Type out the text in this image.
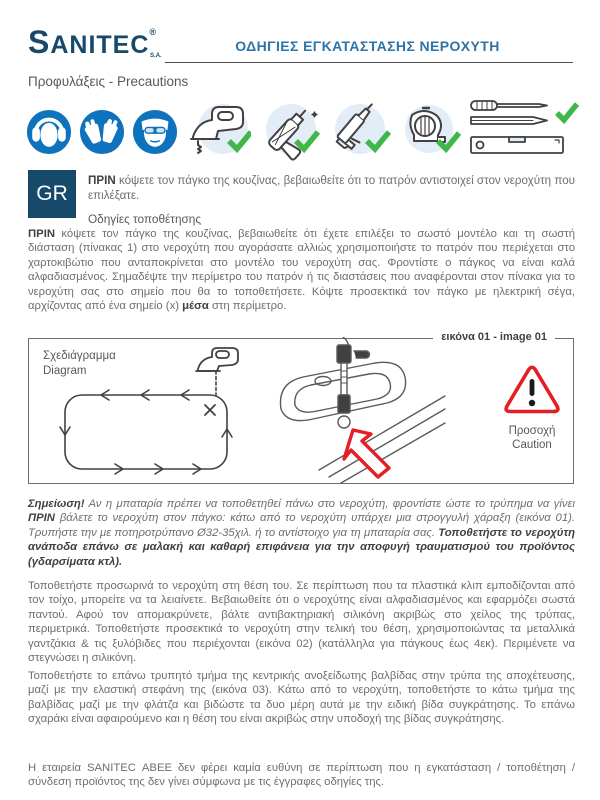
$SANITEC®_{S.A.}$
ΟΔΗΓΙΕΣ ΕΓΚΑΤΑΣΤΑΣΗΣ ΝΕΡΟΧΥΤΗ
Προφυλάξεις - Precautions
GR
ΠΡΙΝ κόψετε τον πάγκο της κουζίνας, βεβαιωθείτε ότι το πατρόν αντιστοιχεί στον νεροχύτη που επιλέξατε.
Οδηγίες τοποθέτησης
ΠΡΙΝ κόψετε τον πάγκο της κουζίνας, βεβαιωθείτε ότι έχετε επιλέξει το σωστό μοντέλο και τη σωστή διάσταση (πίνακας 1) στο νεροχύτη που αγοράσατε αλλιώς χρησιμοποιήστε το πατρόν που περιέχεται στο χαρτοκιβώτιο που ανταποκρίνεται στο μοντέλο του νεροχύτη σας. Φροντίστε ο πάγκος να είναι καλά αλφαδιασμένος. Σημαδέψτε την περίμετρο του πατρόν ή τις διαστάσεις που αναφέρονται στον πίνακα για το νεροχύτη σας στο σημείο που θα το τοποθετήσετε. Κόψτε προσεκτικά τον πάγκο με ηλεκτρική σέγα, αρχίζοντας από ένα σημείο (x) μέσα στη περίμετρο.
εικόνα 01 - image 01
Σχεδιάγραμμα
Diagram
Προσοχή
Caution
Σημείωση! Αν η μπαταρία πρέπει να τοποθετηθεί πάνω στο νεροχύτη, φροντίστε ώστε το τρύπημα να γίνει ΠΡΙΝ βάλετε το νεροχύτη στον πάγκο: κάτω από το νεροχύτη υπάρχει μια στρογγυλή χάραξη (εικόνα 01). Τρυπήστε την με ποτηροτρύπανο Ø32-35χιλ. ή το αντίστοιχο για τη μπαταρία σας. Τοποθετήστε το νεροχύτη ανάποδα επάνω σε μαλακή και καθαρή επιφάνεια για την αποφυγή τραυματισμού του προϊόντος (γδαρσίματα κτλ).
Τοποθετήστε προσωρινά το νεροχύτη στη θέση του. Σε περίπτωση που τα πλαστικά κλιπ εμποδίζονται από τον τοίχο, μπορείτε να τα λειαίνετε. Βεβαιωθείτε ότι ο νεροχύτης είναι αλφαδιασμένος και εφαρμόζει σωστά παντού. Αφού τον απομακρύνετε, βάλτε αντιβακτηριακή σιλικόνη ακριβώς στο χείλος της τρύπας, περιμετρικά. Τοποθετήστε προσεκτικά το νεροχύτη στην τελική του θέση, χρησιμοποιώντας τα μεταλλικά γαντζάκια & τις ξυλόβιδες που περιέχονται (εικόνα 02) (κατάλληλα για πάγκους έως 4εκ). Περιμένετε να στεγνώσει η σιλικόνη.
Τοποθετήστε το επάνω τρυπητό τμήμα της κεντρικής ανοξείδωτης βαλβίδας στην τρύπα της αποχέτευσης, μαζί με την ελαστική στεφάνη της (εικόνα 03). Κάτω από το νεροχύτη, τοποθετήστε το κάτω τμήμα της βαλβίδας μαζί με την φλάτζα και βιδώστε τα δυο μέρη αυτά με την ειδική βίδα συγκράτησης. Το επάνω σχαράκι είναι αφαιρούμενο και η θέση του είναι ακριβώς στην υποδοχή της βίδας συγκράτησης.
Η εταιρεία SANITEC ΑΒΕΕ δεν φέρει καμία ευθύνη σε περίπτωση που η εγκατάσταση / τοποθέτηση / σύνδεση προϊόντος της δεν γίνει σύμφωνα με τις έγγραφες οδηγίες της.
